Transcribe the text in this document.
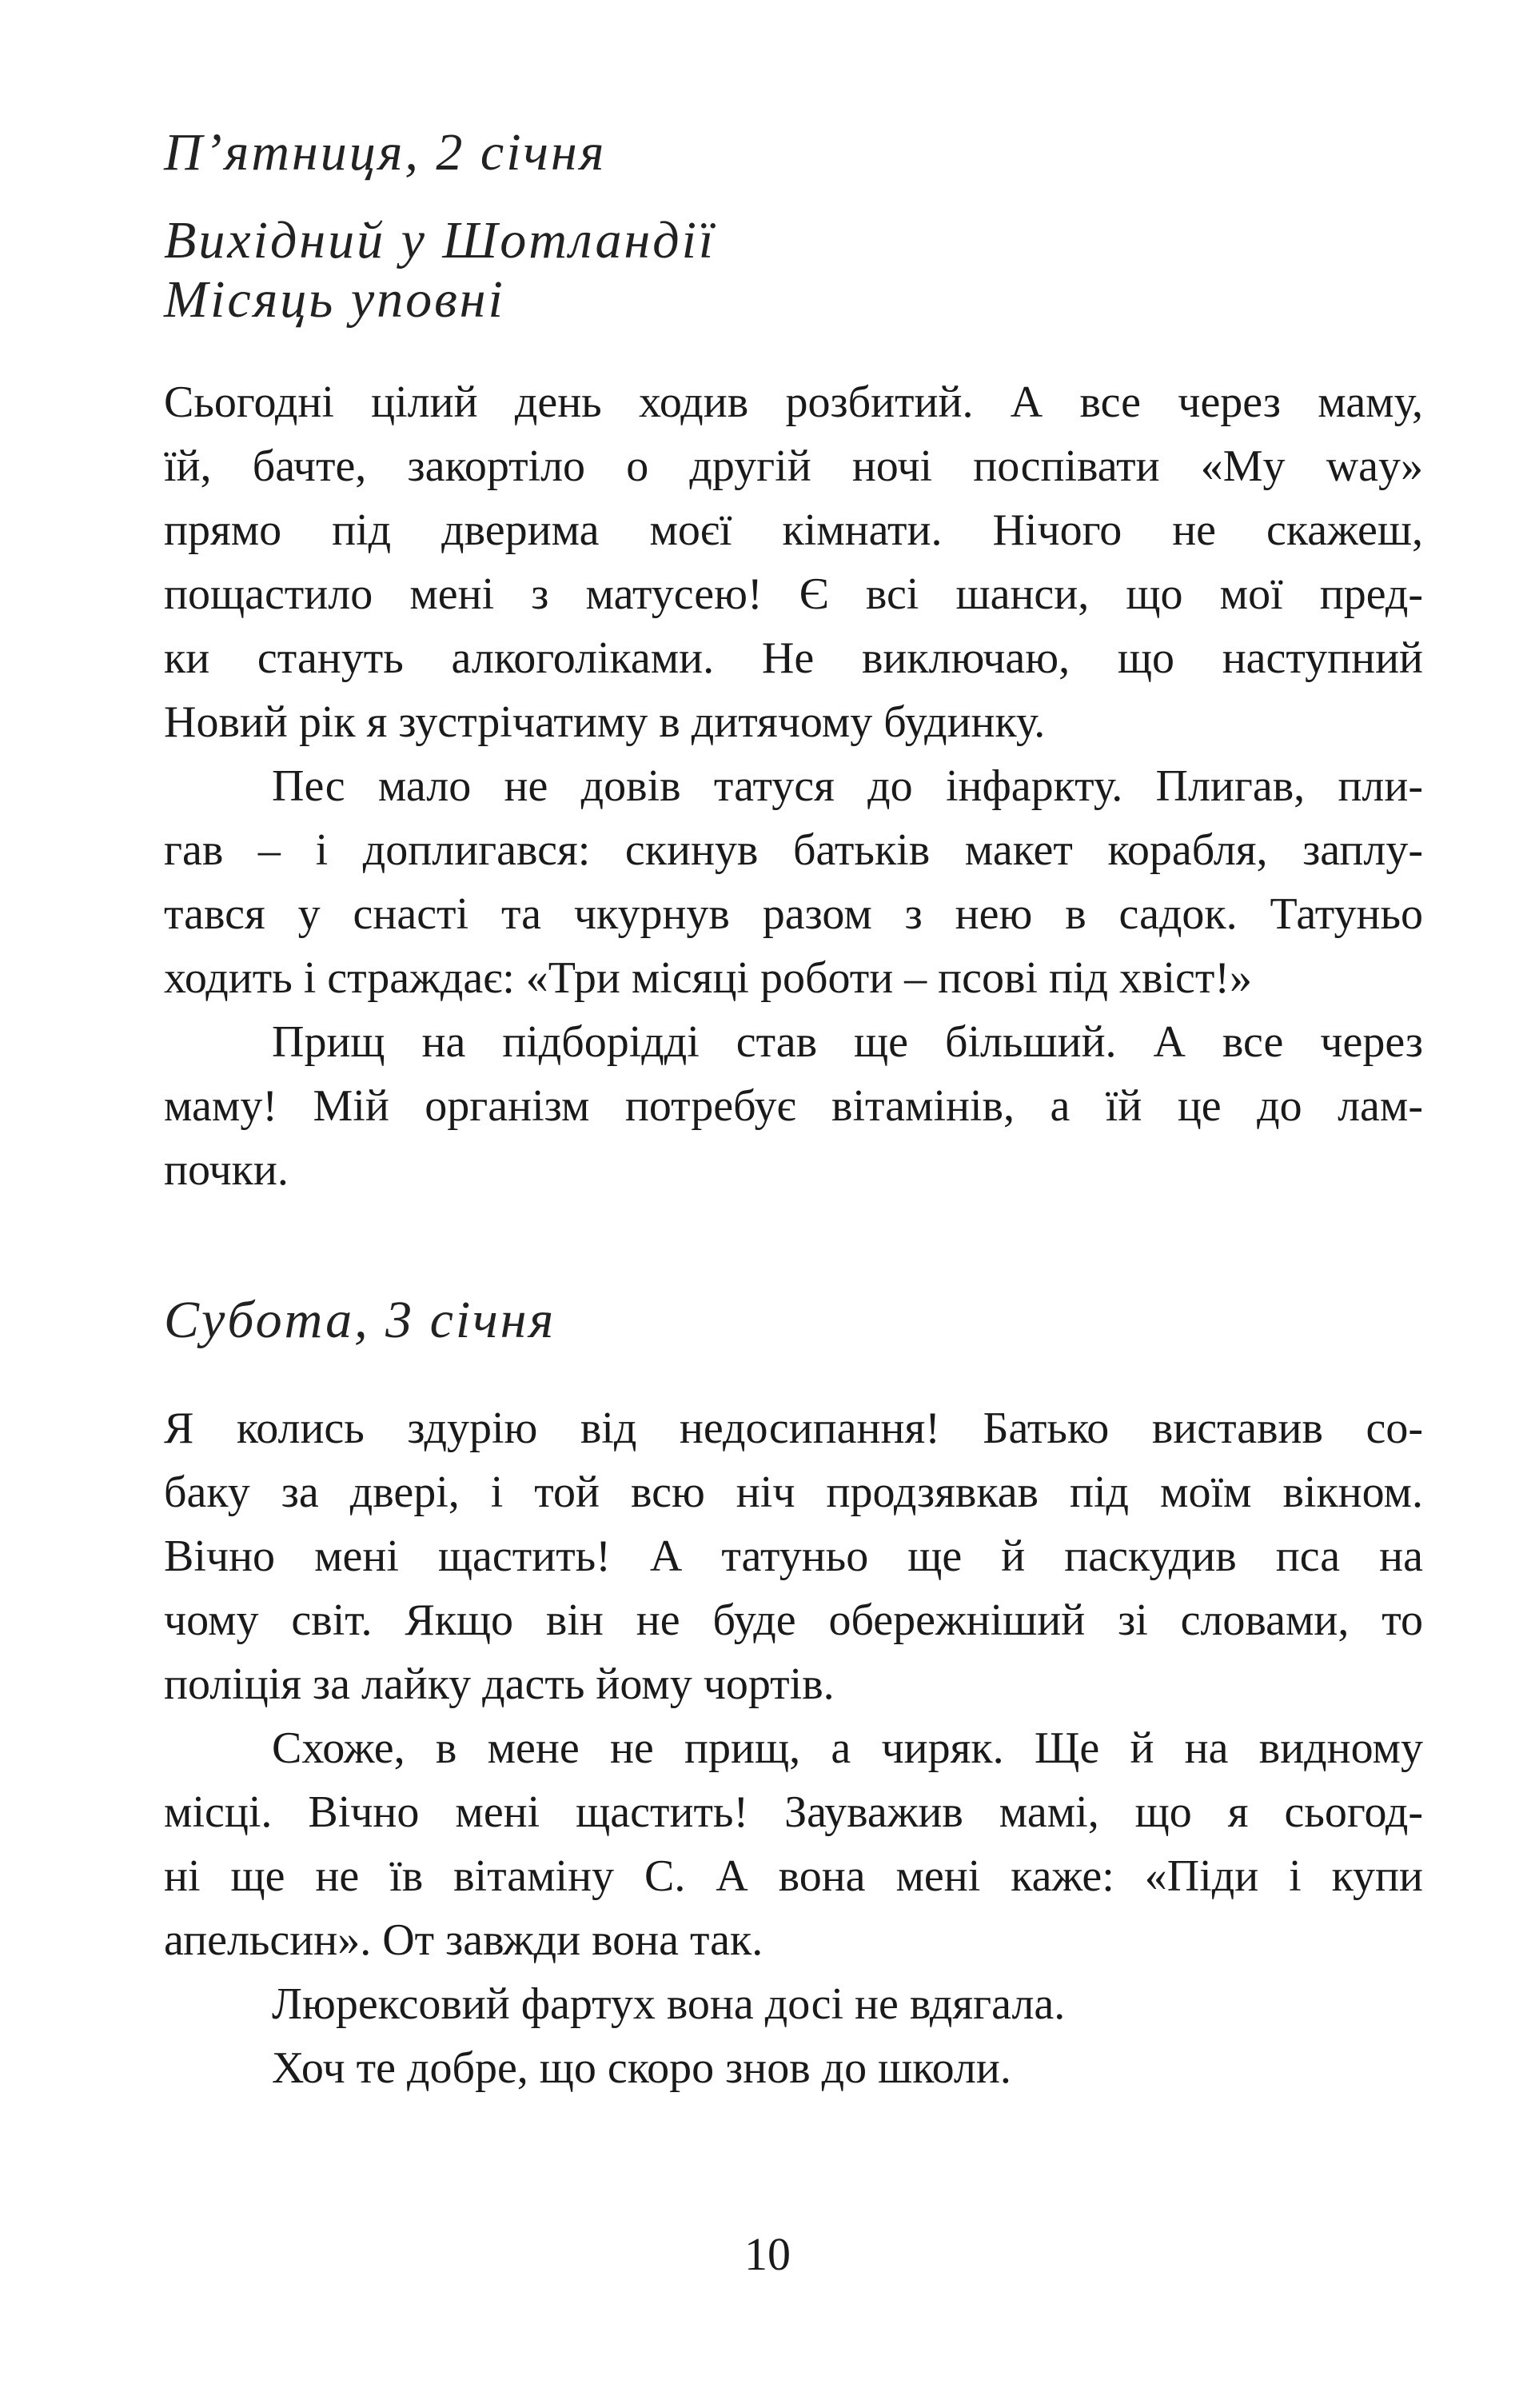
П’ятниця, 2 січня
Вихідний у Шотландії
Місяць уповні
Сьогодні цілий день ходив розбитий. А все через маму,
їй, бачте, закортіло о другій ночі поспівати «My way»
прямо під дверима моєї кімнати. Нічого не скажеш,
пощастило мені з матусею! Є всі шанси, що мої пред-
ки стануть алкоголіками. Не виключаю, що наступний
Новий рік я зустрічатиму в дитячому будинку.
Пес мало не довів татуся до інфаркту. Плигав, пли-
гав – і доплигався: скинув батьків макет корабля, заплу-
тався у снасті та чкурнув разом з нею в садок. Татуньо
ходить і страждає: «Три місяці роботи – псові під хвіст!»
Прищ на підборідді став ще більший. А все через
маму! Мій організм потребує вітамінів, а їй це до лам-
почки.
Субота, 3 січня
Я колись здурію від недосипання! Батько виставив со-
баку за двері, і той всю ніч продзявкав під моїм вікном.
Вічно мені щастить! А татуньо ще й паскудив пса на
чому світ. Якщо він не буде обережніший зі словами, то
поліція за лайку дасть йому чортів.
Схоже, в мене не прищ, а чиряк. Ще й на видному
місці. Вічно мені щастить! Зауважив мамі, що я сьогод-
ні ще не їв вітаміну С. А вона мені каже: «Піди і купи
апельсин». От завжди вона так.
Люрексовий фартух вона досі не вдягала.
Хоч те добре, що скоро знов до школи.
10
